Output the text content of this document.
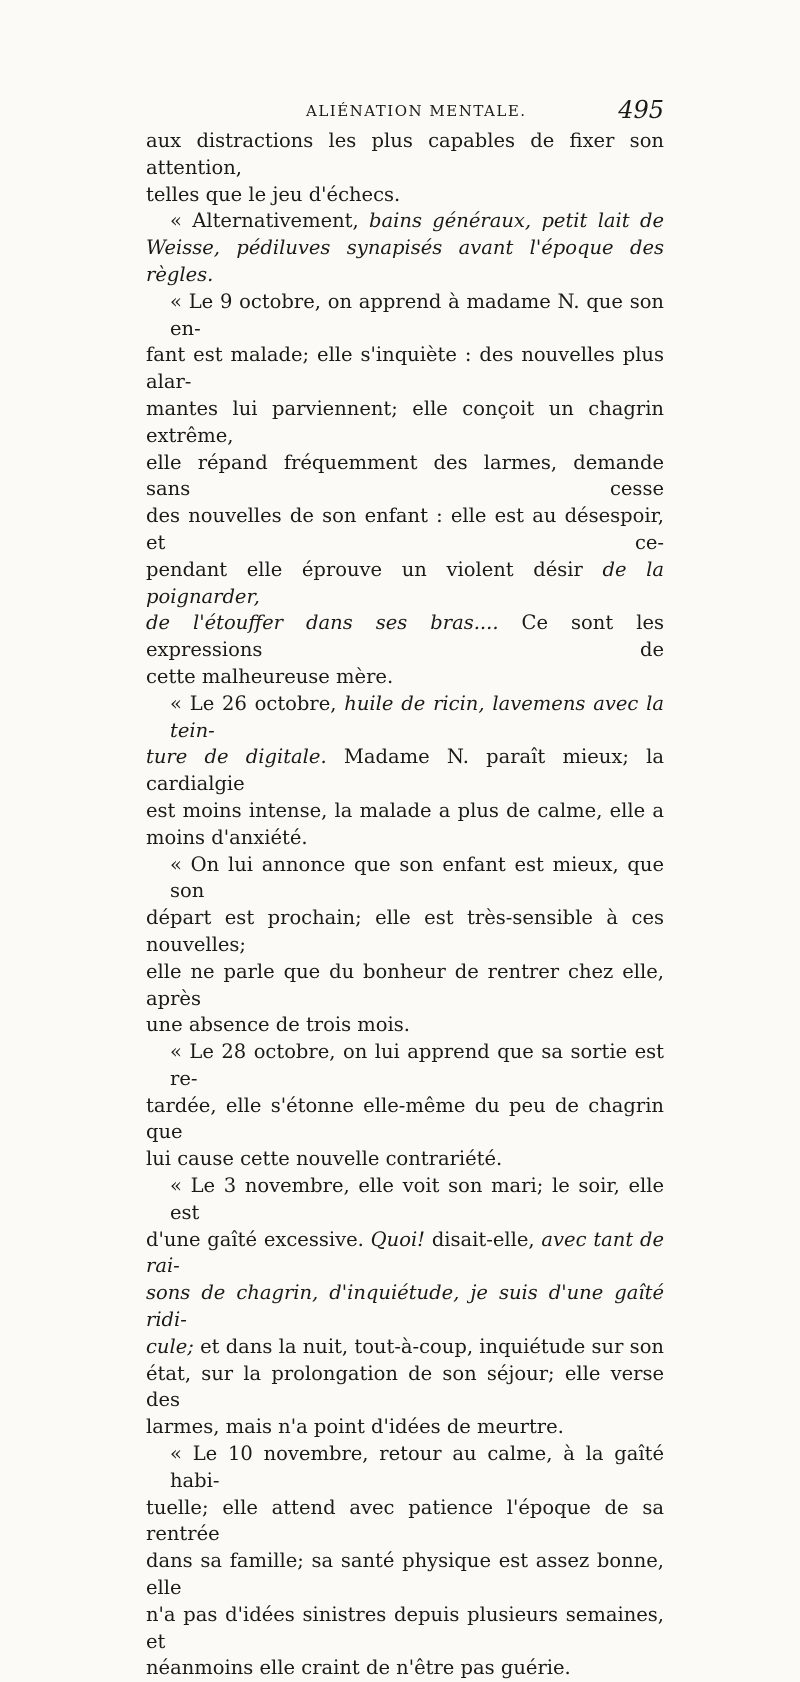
ALIÉNATION MENTALE.	495
aux distractions les plus capables de fixer son attention,
telles que le jeu d'échecs.
« Alternativement, bains généraux, petit lait de
Weisse, pédiluves synapisés avant l'époque des règles.
« Le 9 octobre, on apprend à madame N. que son en-
fant est malade; elle s'inquiète : des nouvelles plus alar-
mantes lui parviennent; elle conçoit un chagrin extrême,
elle répand fréquemment des larmes, demande sans cesse
des nouvelles de son enfant : elle est au désespoir, et ce-
pendant elle éprouve un violent désir de la poignarder,
de l'étouffer dans ses bras.... Ce sont les expressions de
cette malheureuse mère.
« Le 26 octobre, huile de ricin, lavemens avec la tein-
ture de digitale. Madame N. paraît mieux; la cardialgie
est moins intense, la malade a plus de calme, elle a
moins d'anxiété.
« On lui annonce que son enfant est mieux, que son
départ est prochain; elle est très-sensible à ces nouvelles;
elle ne parle que du bonheur de rentrer chez elle, après
une absence de trois mois.
« Le 28 octobre, on lui apprend que sa sortie est re-
tardée, elle s'étonne elle-même du peu de chagrin que
lui cause cette nouvelle contrariété.
« Le 3 novembre, elle voit son mari; le soir, elle est
d'une gaîté excessive. Quoi! disait-elle, avec tant de rai-
sons de chagrin, d'inquiétude, je suis d'une gaîté ridi-
cule; et dans la nuit, tout-à-coup, inquiétude sur son
état, sur la prolongation de son séjour; elle verse des
larmes, mais n'a point d'idées de meurtre.
« Le 10 novembre, retour au calme, à la gaîté habi-
tuelle; elle attend avec patience l'époque de sa rentrée
dans sa famille; sa santé physique est assez bonne, elle
n'a pas d'idées sinistres depuis plusieurs semaines, et
néanmoins elle craint de n'être pas guérie.
